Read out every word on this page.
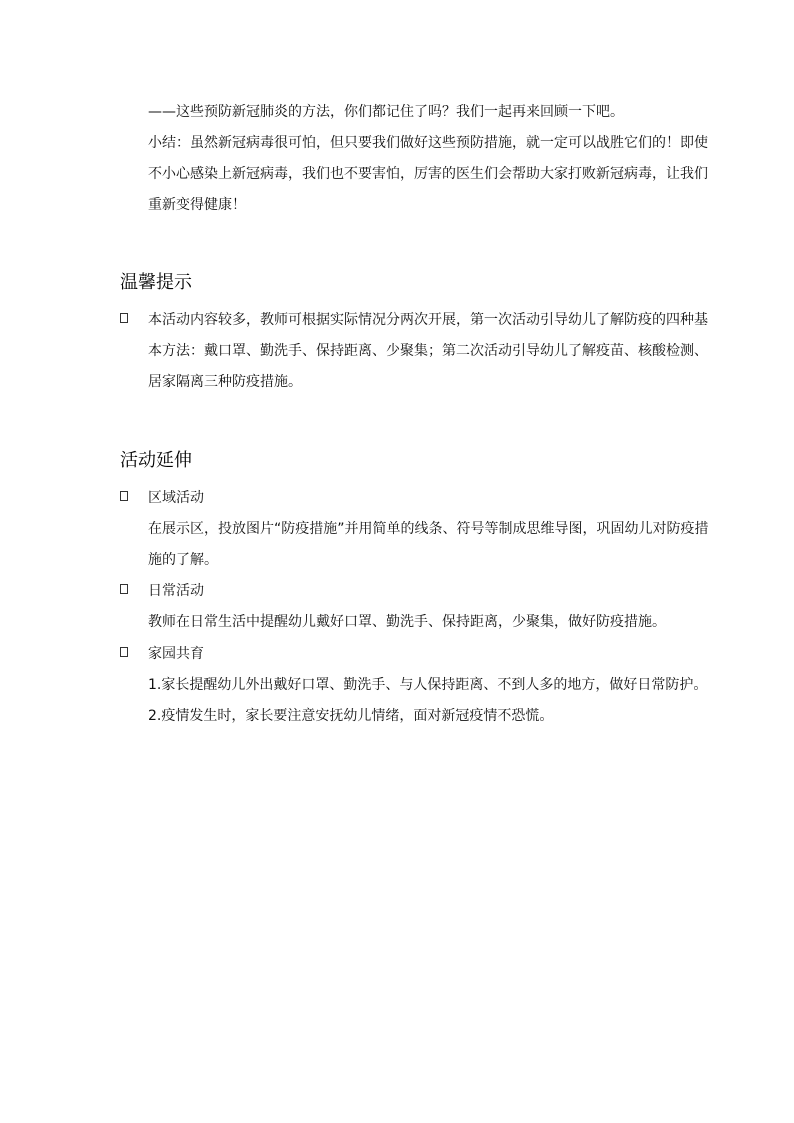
——这些预防新冠肺炎的方法，你们都记住了吗？我们一起再来回顾一下吧。

小结：虽然新冠病毒很可怕，但只要我们做好这些预防措施，就一定可以战胜它们的！即使不小心感染上新冠病毒，我们也不要害怕，厉害的医生们会帮助大家打败新冠病毒，让我们重新变得健康！

温馨提示

本活动内容较多，教师可根据实际情况分两次开展，第一次活动引导幼儿了解防疫的四种基本方法：戴口罩、勤洗手、保持距离、少聚集；第二次活动引导幼儿了解疫苗、核酸检测、居家隔离三种防疫措施。

活动延伸

区域活动

在展示区，投放图片“防疫措施”并用简单的线条、符号等制成思维导图，巩固幼儿对防疫措施的了解。

日常活动

教师在日常生活中提醒幼儿戴好口罩、勤洗手、保持距离，少聚集，做好防疫措施。

家园共育

1.家长提醒幼儿外出戴好口罩、勤洗手、与人保持距离、不到人多的地方，做好日常防护。

2.疫情发生时，家长要注意安抚幼儿情绪，面对新冠疫情不恐慌。
